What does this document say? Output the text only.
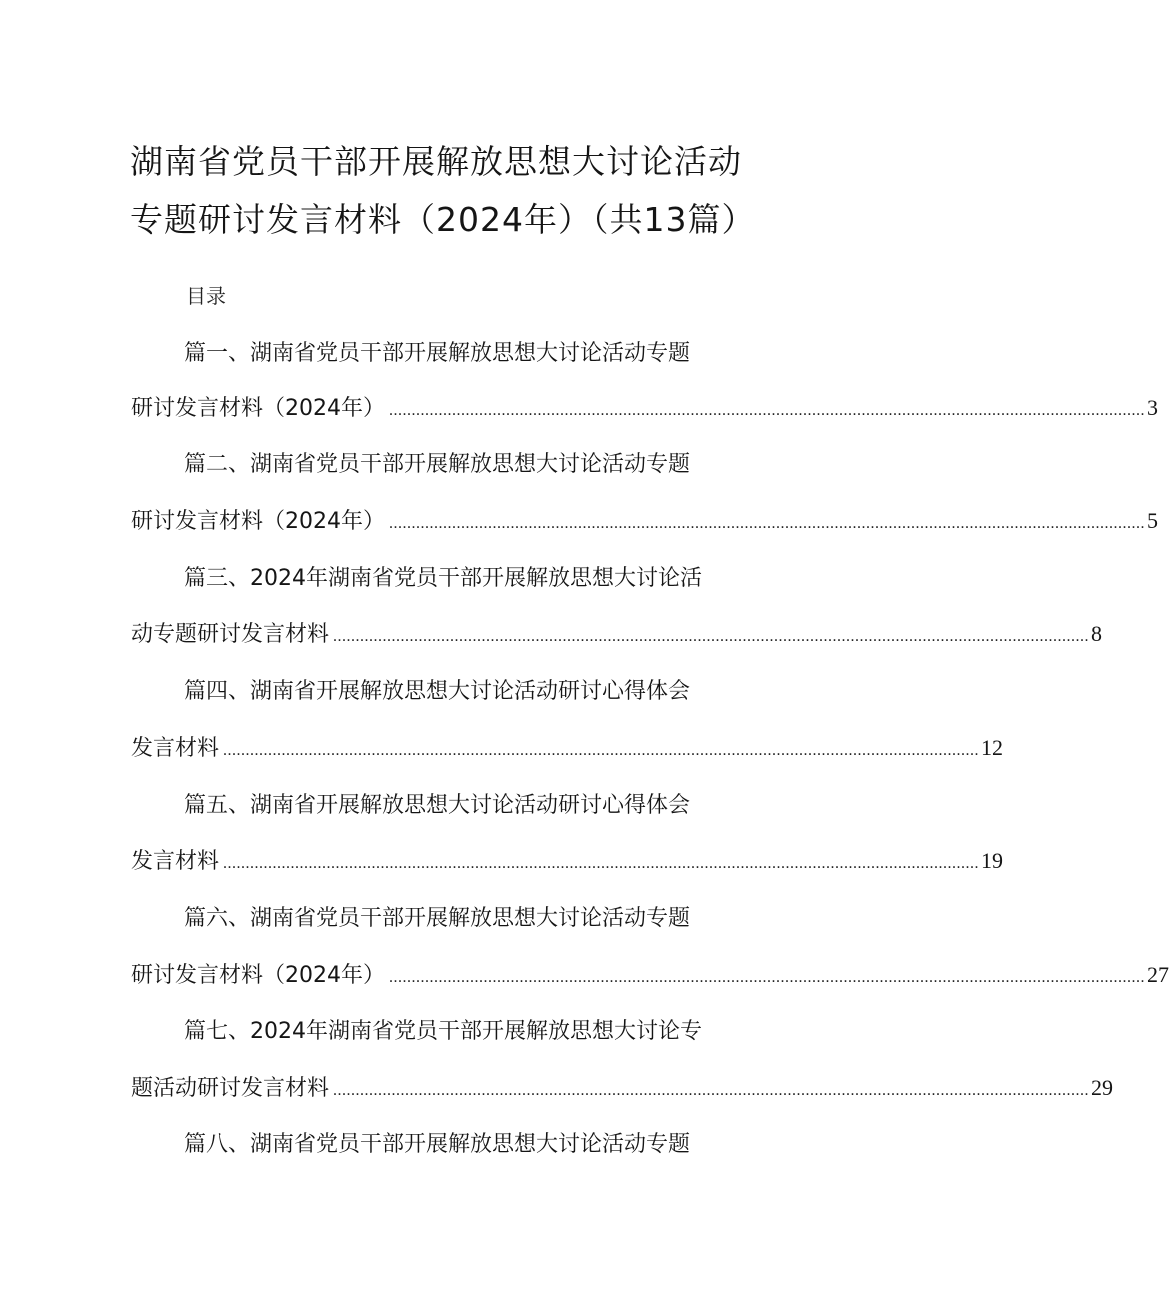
湖南省党员干部开展解放思想大讨论活动
专题研讨发言材料（2024年）（共13篇）
目录
篇一、湖南省党员干部开展解放思想大讨论活动专题
研讨发言材料（2024年） ........................................................................................................................................................................ 3
篇二、湖南省党员干部开展解放思想大讨论活动专题
研讨发言材料（2024年） ........................................................................................................................................................................ 5
篇三、2024年湖南省党员干部开展解放思想大讨论活
动专题研讨发言材料 ........................................................................................................................................................................ 8
篇四、湖南省开展解放思想大讨论活动研讨心得体会
发言材料 ........................................................................................................................................................................ 12
篇五、湖南省开展解放思想大讨论活动研讨心得体会
发言材料 ........................................................................................................................................................................ 19
篇六、湖南省党员干部开展解放思想大讨论活动专题
研讨发言材料（2024年） ........................................................................................................................................................................ 27
篇七、2024年湖南省党员干部开展解放思想大讨论专
题活动研讨发言材料 ........................................................................................................................................................................ 29
篇八、湖南省党员干部开展解放思想大讨论活动专题
